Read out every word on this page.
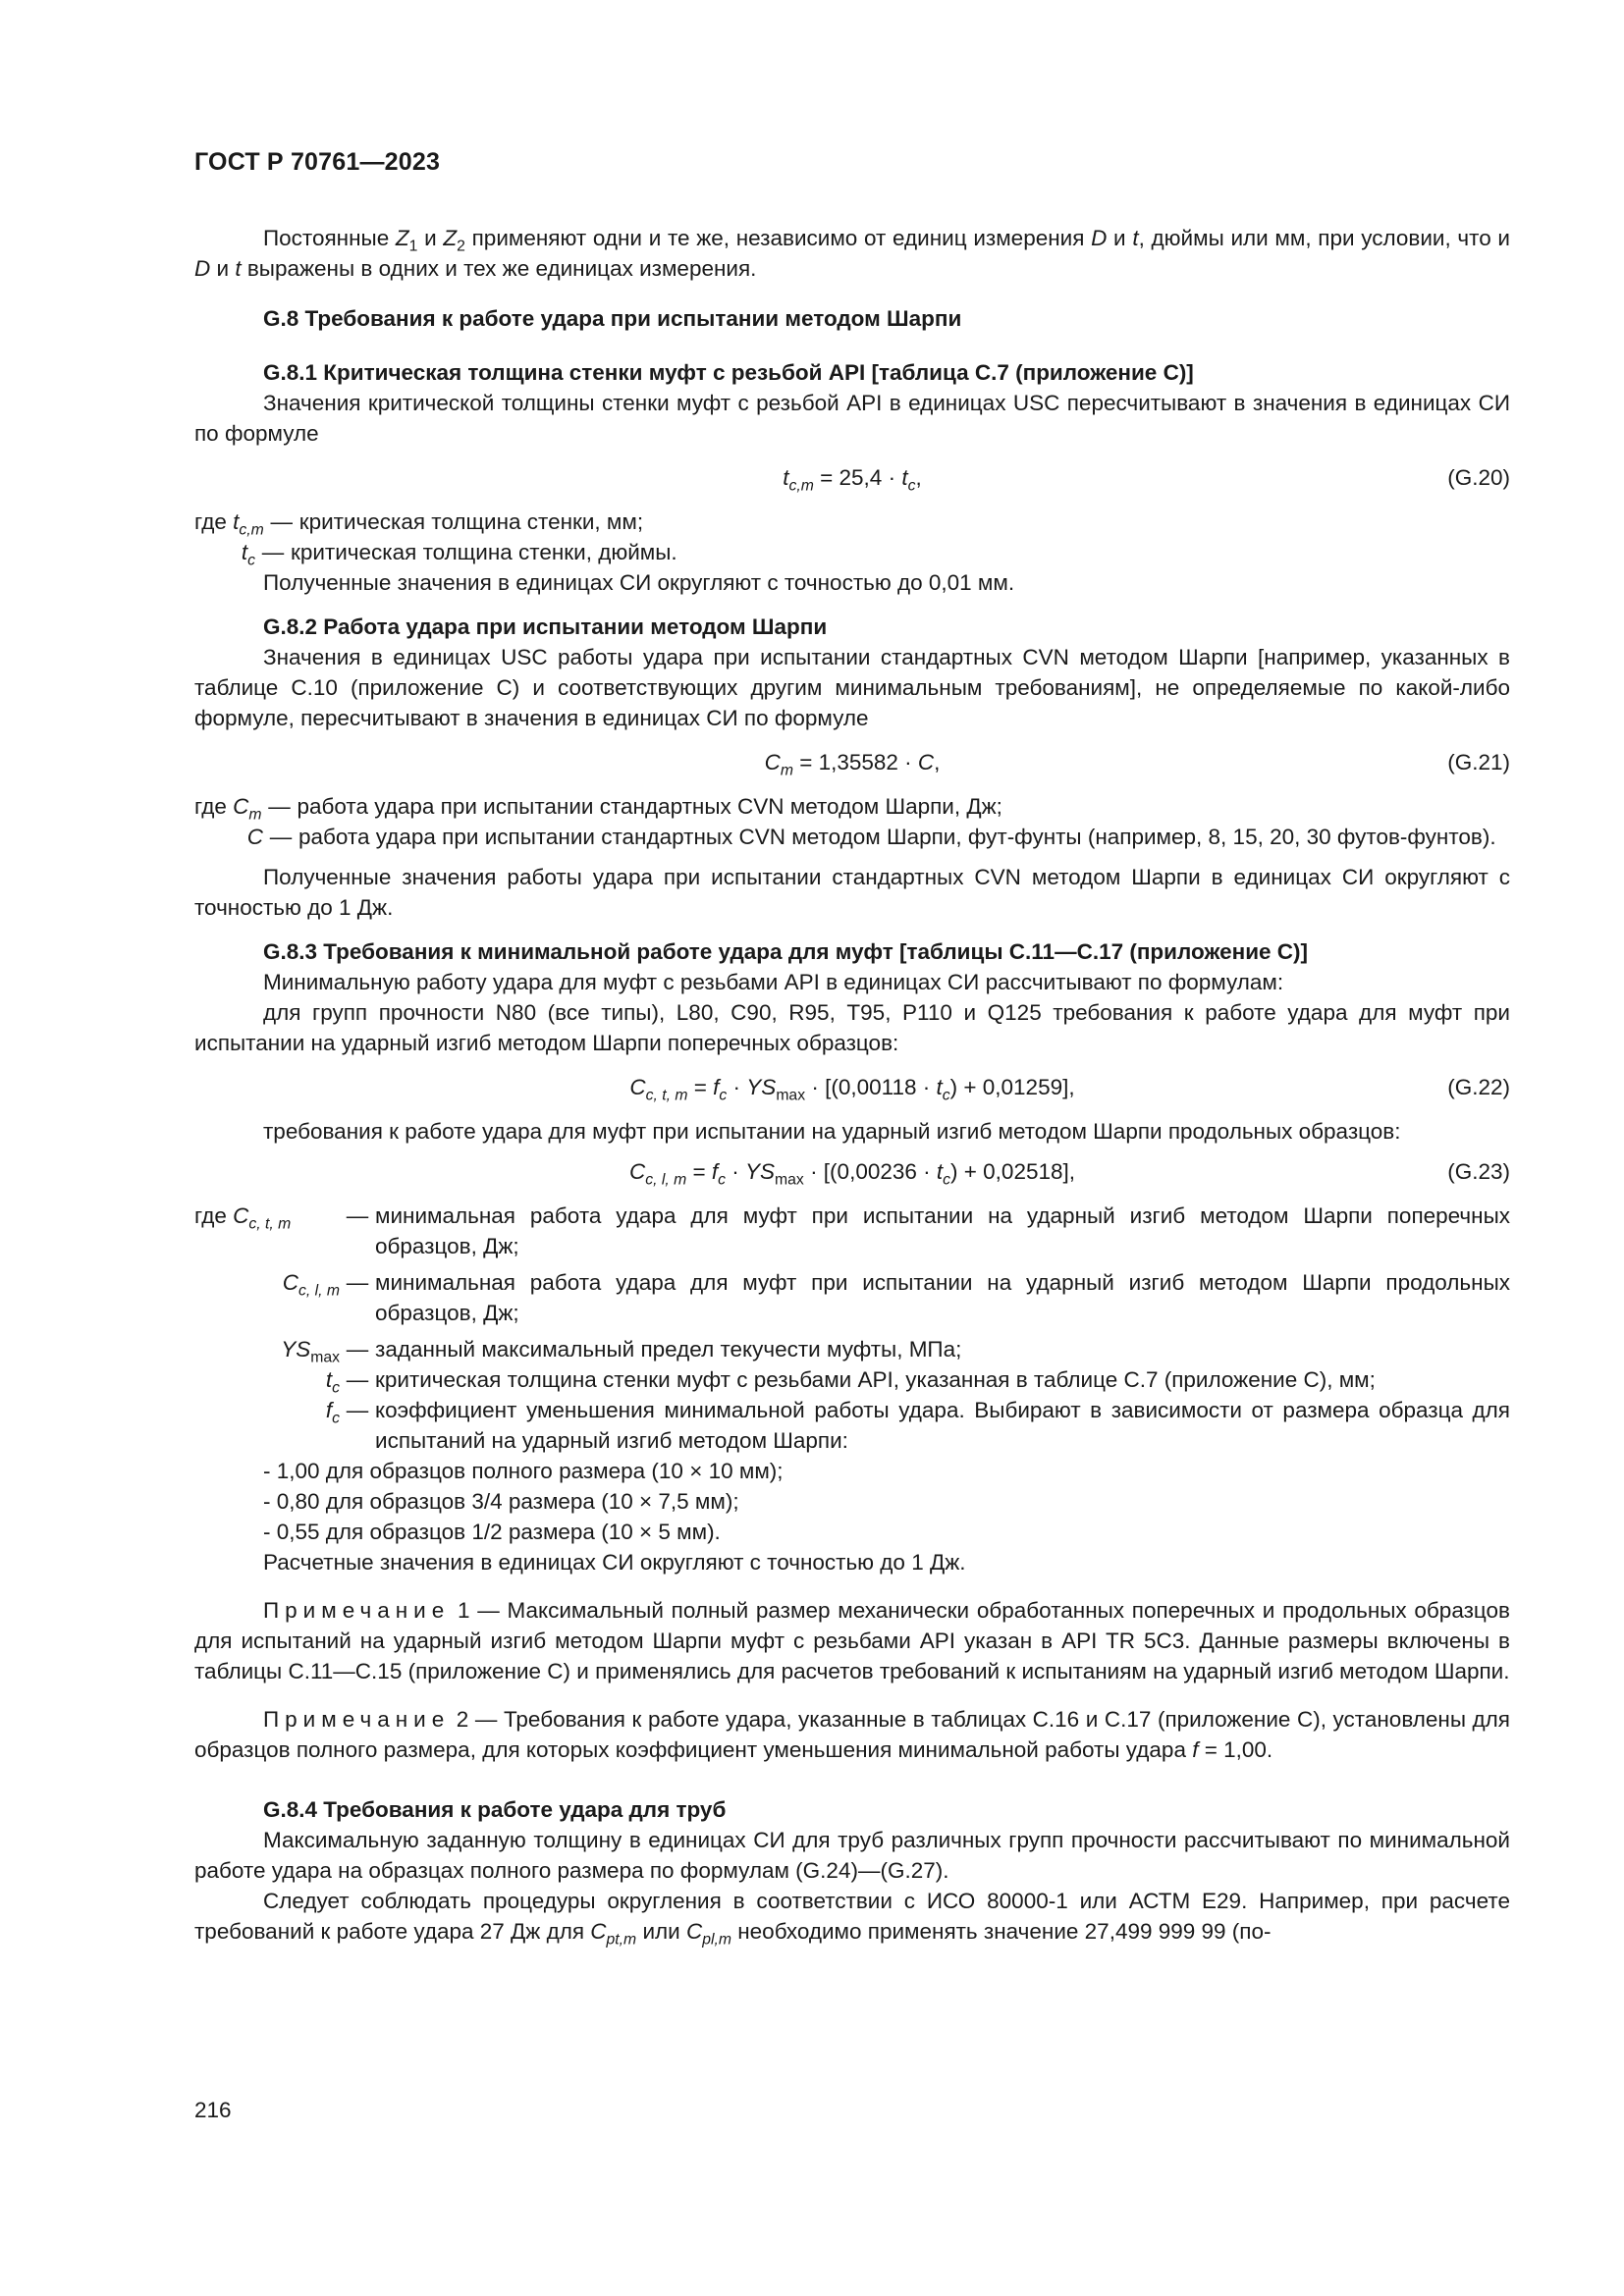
ГОСТ Р 70761—2023

Постоянные $Z_1$ и $Z_2$ применяют одни и те же, независимо от единиц измерения D и t, дюймы или мм, при условии, что и D и t выражены в одних и тех же единицах измерения.

G.8 Требования к работе удара при испытании методом Шарпи

G.8.1 Критическая толщина стенки муфт с резьбой API [таблица С.7 (приложение С)]

Значения критической толщины стенки муфт с резьбой API в единицах USC пересчитывают в значения в единицах СИ по формуле

$t_{c,m} = 25,4 \cdot t_c$,	(G.20)
где $t_{c,m}$ — критическая толщина стенки, мм;
$t_c$ — критическая толщина стенки, дюймы.

Полученные значения в единицах СИ округляют с точностью до 0,01 мм.

G.8.2 Работа удара при испытании методом Шарпи

Значения в единицах USC работы удара при испытании стандартных CVN методом Шарпи [например, указанных в таблице С.10 (приложение С) и соответствующих другим минимальным требованиям], не определяемые по какой-либо формуле, пересчитывают в значения в единицах СИ по формуле

$C_m = 1,35582 \cdot C$,	(G.21)
где $C_m$ — работа удара при испытании стандартных CVN методом Шарпи, Дж;
C — работа удара при испытании стандартных CVN методом Шарпи, фут-фунты (например, 8, 15, 20, 30 футов-фунтов).

Полученные значения работы удара при испытании стандартных CVN методом Шарпи в единицах СИ округляют с точностью до 1 Дж.

G.8.3 Требования к минимальной работе удара для муфт [таблицы С.11—С.17 (приложение С)]

Минимальную работу удара для муфт с резьбами API в единицах СИ рассчитывают по формулам:

для групп прочности N80 (все типы), L80, С90, R95, Т95, Р110 и Q125 требования к работе удара для муфт при испытании на ударный изгиб методом Шарпи поперечных образцов:

$C_{c, t, m} = f_c \cdot YS_{max} \cdot [(0,00118 \cdot t_c) + 0,01259]$,	(G.22)

требования к работе удара для муфт при испытании на ударный изгиб методом Шарпи продольных образцов:

$C_{c, l, m} = f_c \cdot YS_{max} \cdot [(0,00236 \cdot t_c) + 0,02518]$,	(G.23)
где $C_{c, t, m}$	— минимальная работа удара для муфт при испытании на ударный изгиб методом Шарпи поперечных образцов, Дж;
$C_{c, l, m}$ — минимальная работа удара для муфт при испытании на ударный изгиб методом Шарпи продольных образцов, Дж;
$YS_{max}$ — заданный максимальный предел текучести муфты, МПа;
$t_c$ — критическая толщина стенки муфт с резьбами API, указанная в таблице С.7 (приложение С), мм;
$f_c$ — коэффициент уменьшения минимальной работы удара. Выбирают в зависимости от размера образца для испытаний на ударный изгиб методом Шарпи:

- 1,00 для образцов полного размера (10 × 10 мм);

- 0,80 для образцов 3/4 размера (10 × 7,5 мм);

- 0,55 для образцов 1/2 размера (10 × 5 мм).

Расчетные значения в единицах СИ округляют с точностью до 1 Дж.

Примечание 1 — Максимальный полный размер механически обработанных поперечных и продольных образцов для испытаний на ударный изгиб методом Шарпи муфт с резьбами API указан в API TR 5C3. Данные размеры включены в таблицы С.11—С.15 (приложение С) и применялись для расчетов требований к испытаниям на ударный изгиб методом Шарпи.

Примечание 2 — Требования к работе удара, указанные в таблицах С.16 и С.17 (приложение С), установлены для образцов полного размера, для которых коэффициент уменьшения минимальной работы удара f = 1,00.

G.8.4 Требования к работе удара для труб

Максимальную заданную толщину в единицах СИ для труб различных групп прочности рассчитывают по минимальной работе удара на образцах полного размера по формулам (G.24)—(G.27).

Следует соблюдать процедуры округления в соответствии с ИСО 80000-1 или АСТМ Е29. Например, при расчете требований к работе удара 27 Дж для $C_{pt,m}$ или $C_{pl,m}$ необходимо применять значение 27,499 999 99 (по-

216
